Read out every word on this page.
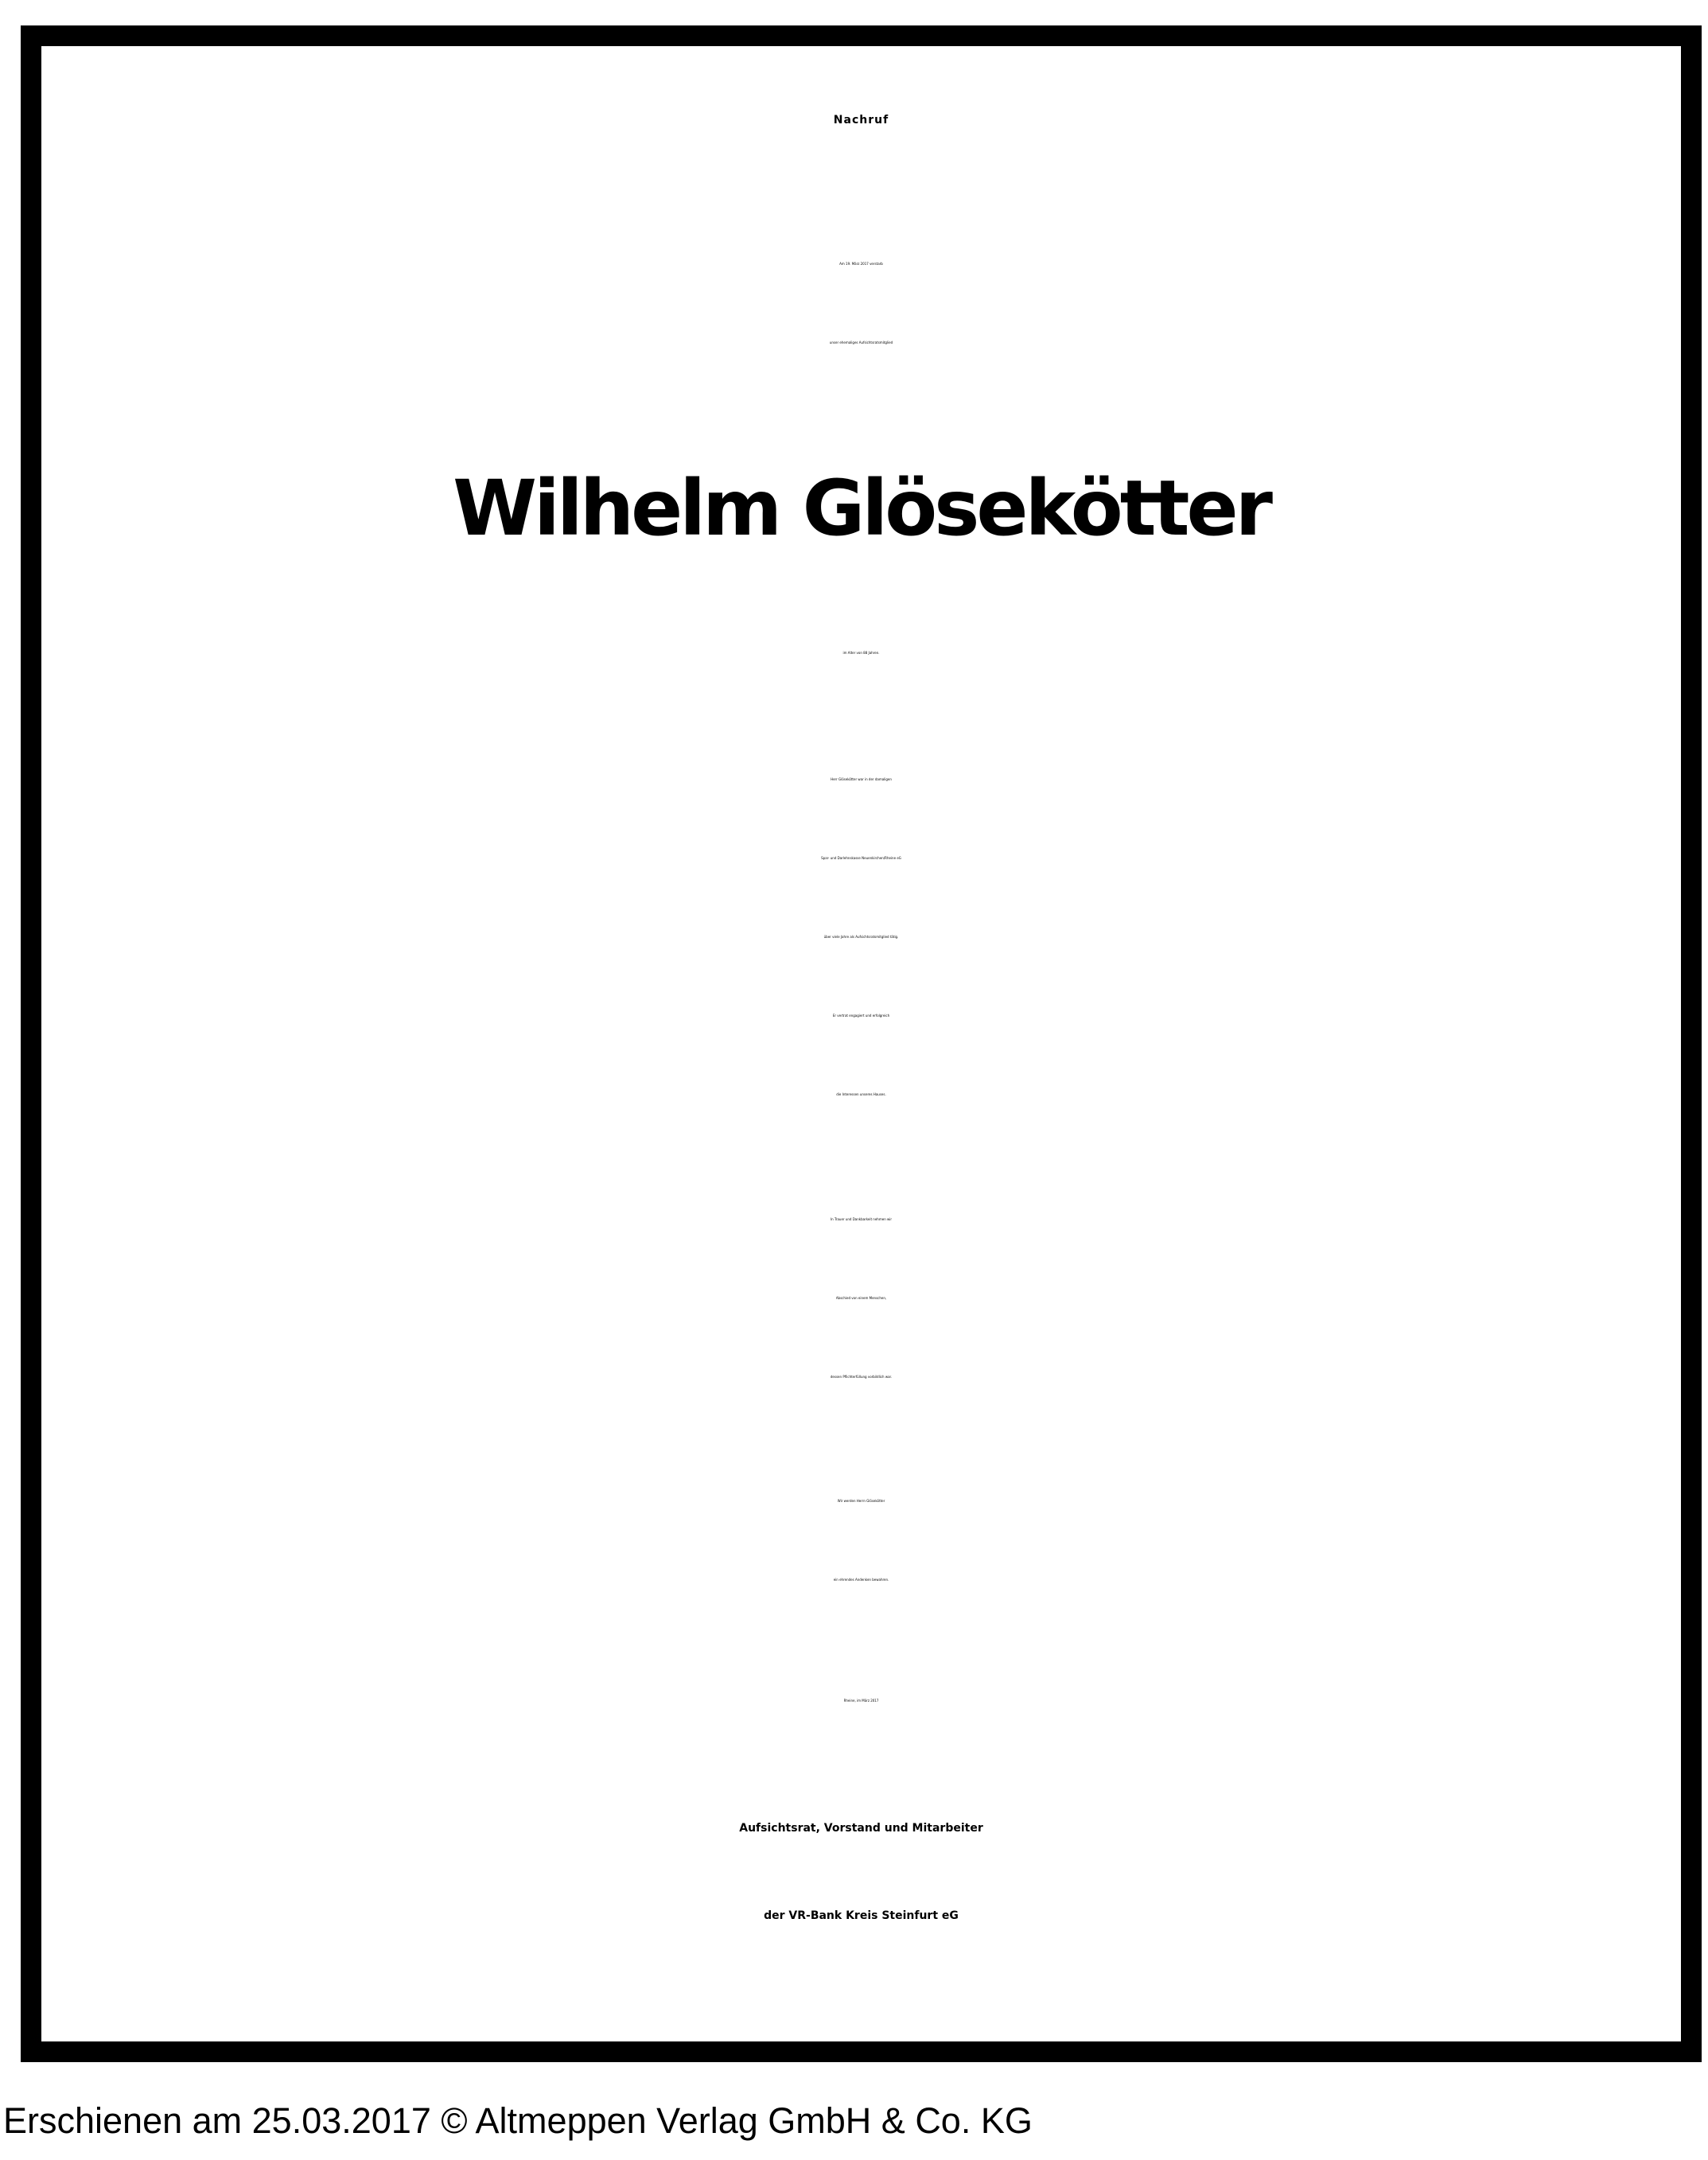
Nachruf
Am 19. März 2017 verstarb
unser ehemaliges Aufsichtsratsmitglied
Wilhelm Glösekötter
im Alter von 88 Jahren.
Herr Glösekötter war in der damaligen
Spar- und Darlehnskasse Neuenkirchen/Rheine eG
über viele Jahre als Aufsichtsratsmitglied tätig.
Er vertrat engagiert und erfolgreich
die Interessen unseres Hauses.
In Trauer und Dankbarkeit nehmen wir
Abschied von einem Menschen,
dessen Pflichterfüllung vorbildlich war.
Wir werden Herrn Glösekötter
ein ehrendes Andenken bewahren.
Rheine, im März 2017
Aufsichtsrat, Vorstand und Mitarbeiter
der VR-Bank Kreis Steinfurt eG
Erschienen am 25.03.2017 © Altmeppen Verlag GmbH & Co. KG
